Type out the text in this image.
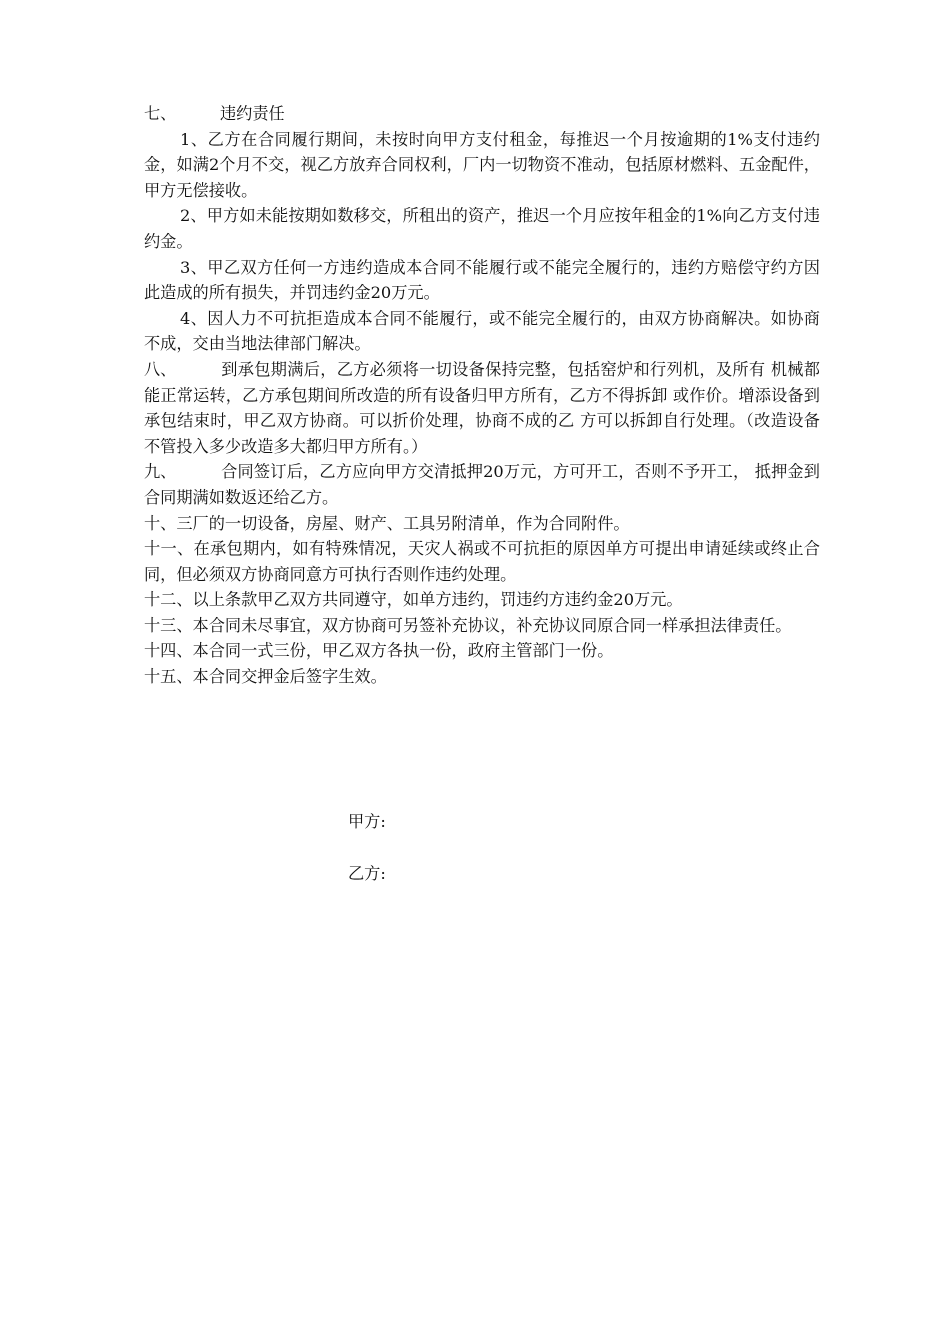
七、	违约责任

1、乙方在合同履行期间，未按时向甲方支付租金，每推迟一个月按逾期的1%支付违约金，如满2个月不交，视乙方放弃合同权利，厂内一切物资不准动，包括原材燃料、五金配件，甲方无偿接收。

2、甲方如未能按期如数移交，所租出的资产，推迟一个月应按年租金的1%向乙方支付违约金。

3、甲乙双方任何一方违约造成本合同不能履行或不能完全履行的，违约方赔偿守约方因此造成的所有损失，并罚违约金20万元。

4、因人力不可抗拒造成本合同不能履行，或不能完全履行的，由双方协商解决。如协商不成，交由当地法律部门解决。

八、	到承包期满后，乙方必须将一切设备保持完整，包括窑炉和行列机，及所有 机械都能正常运转，乙方承包期间所改造的所有设备归甲方所有，乙方不得拆卸 或作价。增添设备到承包结束时，甲乙双方协商。可以折价处理，协商不成的乙 方可以拆卸自行处理。（改造设备不管投入多少改造多大都归甲方所有。）

九、	合同签订后，乙方应向甲方交清抵押20万元，方可开工，否则不予开工， 抵押金到合同期满如数返还给乙方。

十、三厂的一切设备，房屋、财产、工具另附清单，作为合同附件。

十一、在承包期内，如有特殊情况，天灾人祸或不可抗拒的原因单方可提出申请延续或终止合同，但必须双方协商同意方可执行否则作违约处理。

十二、以上条款甲乙双方共同遵守，如单方违约，罚违约方违约金20万元。

十三、本合同未尽事宜，双方协商可另签补充协议，补充协议同原合同一样承担法律责任。

十四、本合同一式三份，甲乙双方各执一份，政府主管部门一份。

十五、本合同交押金后签字生效。

甲方:

乙方:
